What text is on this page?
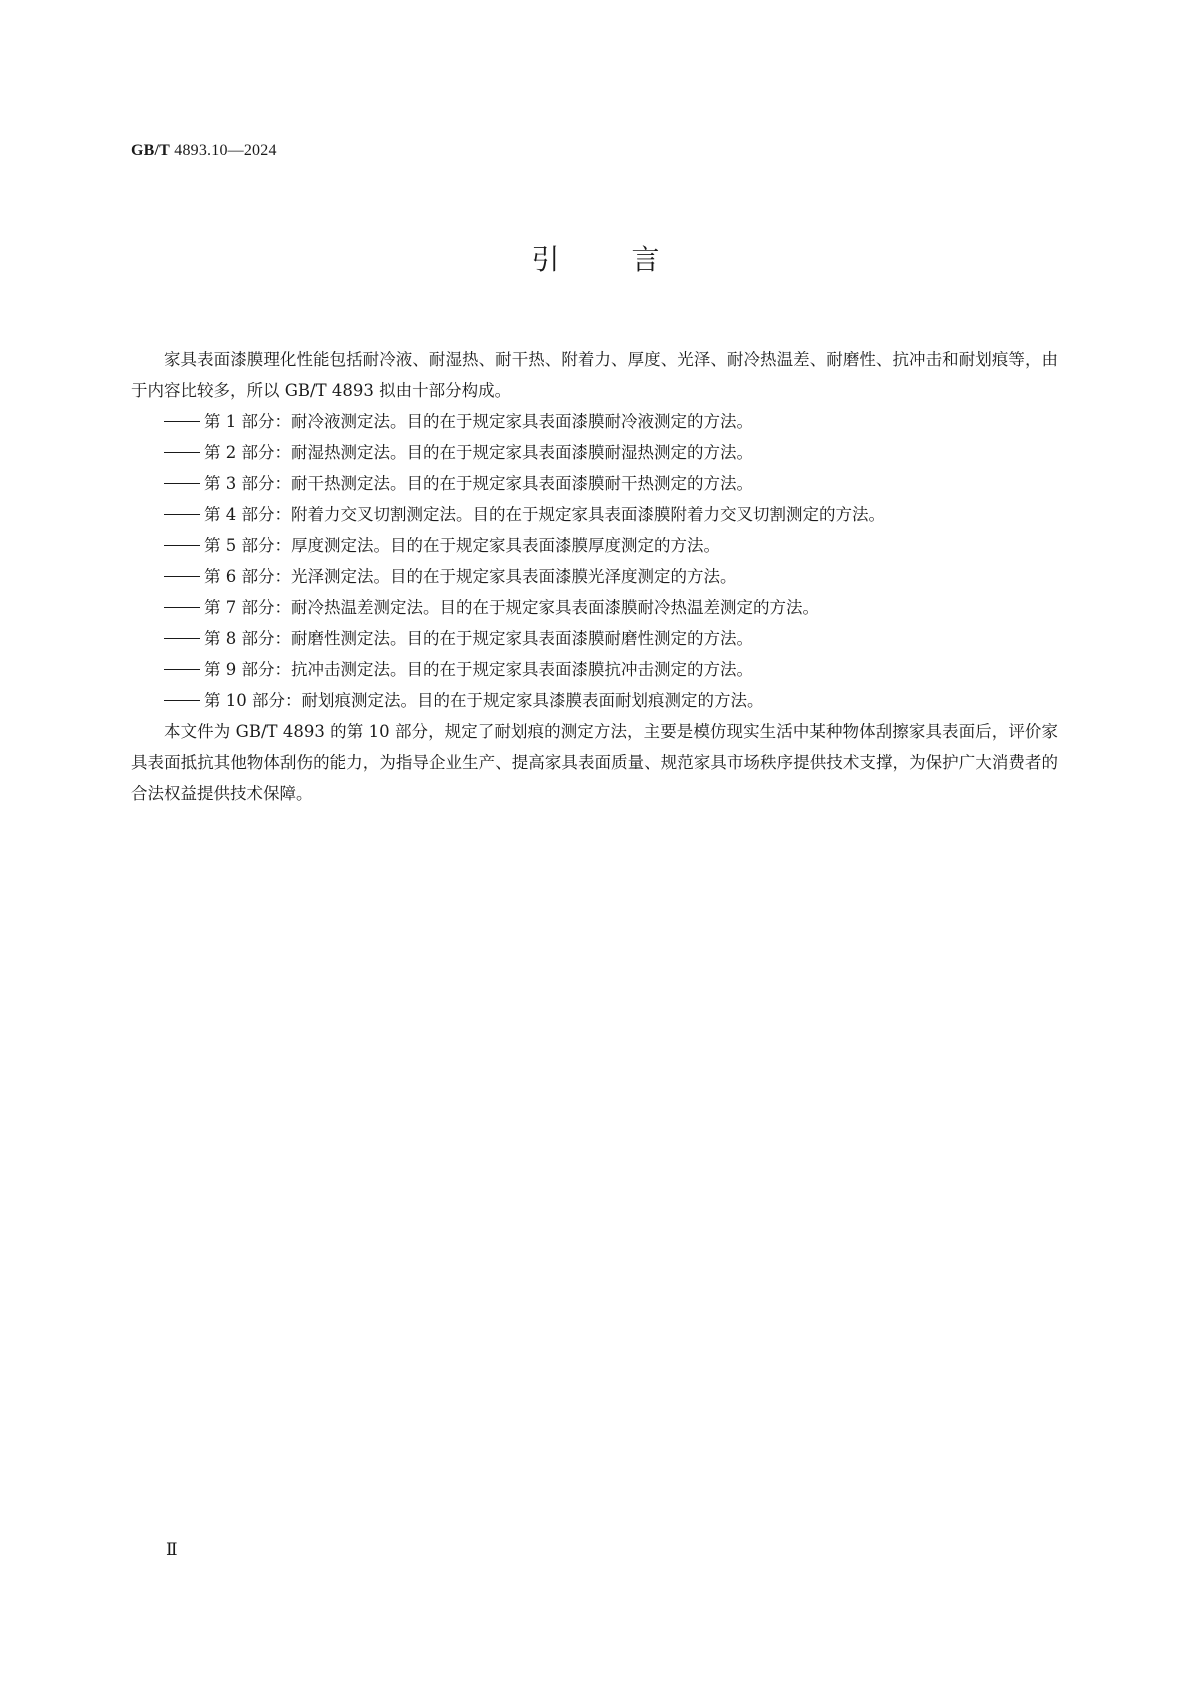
GB/T 4893.10—2024
引言

家具表面漆膜理化性能包括耐冷液、耐湿热、耐干热、附着力、厚度、光泽、耐冷热温差、耐磨性、抗冲击和耐划痕等，由于内容比较多，所以 GB/T 4893 拟由十部分构成。

第 1 部分：耐冷液测定法。目的在于规定家具表面漆膜耐冷液测定的方法。
第 2 部分：耐湿热测定法。目的在于规定家具表面漆膜耐湿热测定的方法。
第 3 部分：耐干热测定法。目的在于规定家具表面漆膜耐干热测定的方法。
第 4 部分：附着力交叉切割测定法。目的在于规定家具表面漆膜附着力交叉切割测定的方法。
第 5 部分：厚度测定法。目的在于规定家具表面漆膜厚度测定的方法。
第 6 部分：光泽测定法。目的在于规定家具表面漆膜光泽度测定的方法。
第 7 部分：耐冷热温差测定法。目的在于规定家具表面漆膜耐冷热温差测定的方法。
第 8 部分：耐磨性测定法。目的在于规定家具表面漆膜耐磨性测定的方法。
第 9 部分：抗冲击测定法。目的在于规定家具表面漆膜抗冲击测定的方法。
第 10 部分：耐划痕测定法。目的在于规定家具漆膜表面耐划痕测定的方法。

本文件为 GB/T 4893 的第 10 部分，规定了耐划痕的测定方法，主要是模仿现实生活中某种物体刮擦家具表面后，评价家具表面抵抗其他物体刮伤的能力，为指导企业生产、提高家具表面质量、规范家具市场秩序提供技术支撑，为保护广大消费者的合法权益提供技术保障。

Ⅱ
